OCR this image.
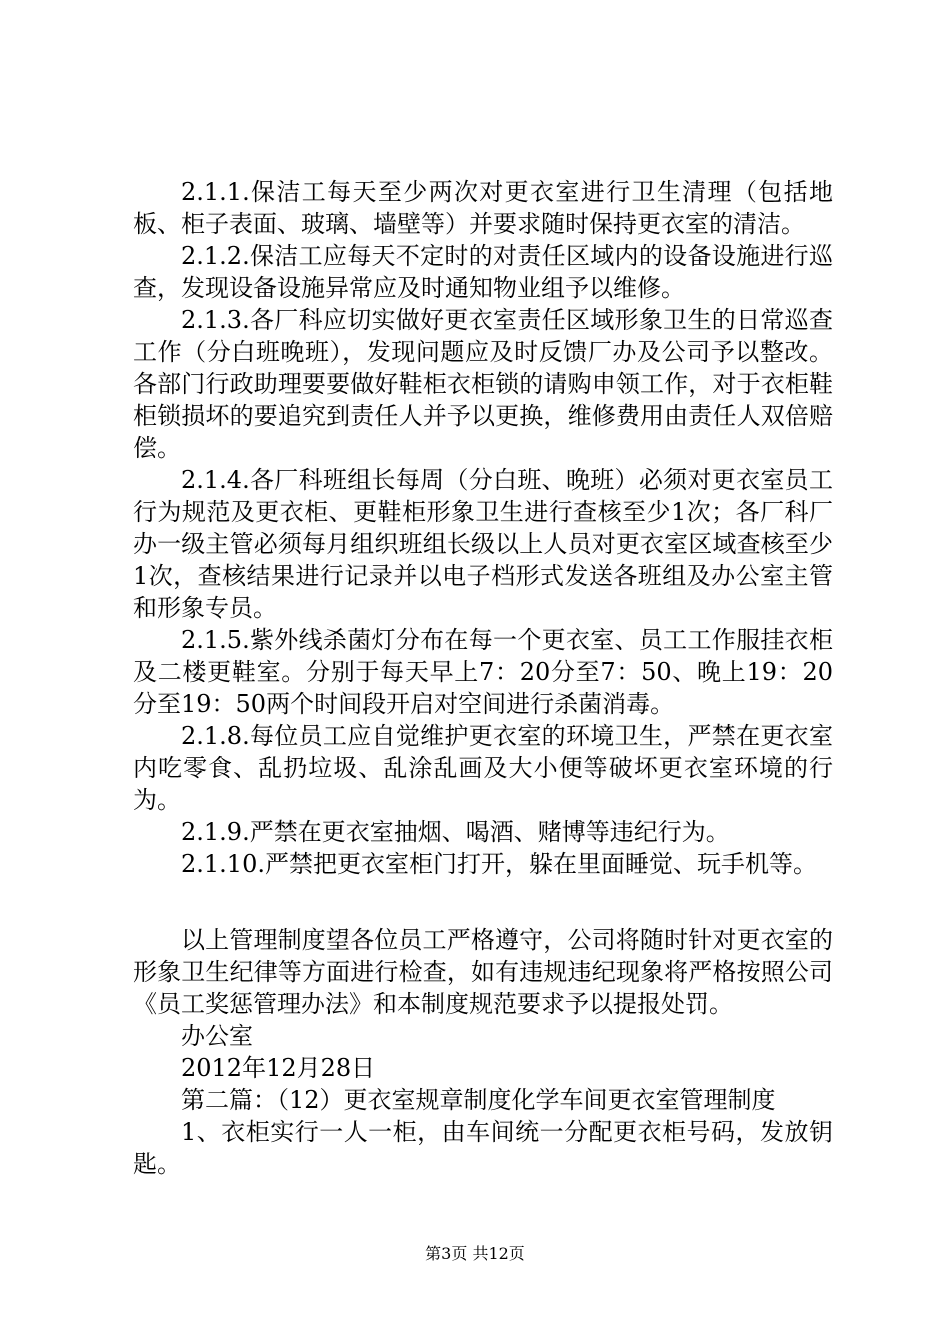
2.1.1.保洁工每天至少两次对更衣室进行卫生清理（包括地板、柜子表面、玻璃、墙壁等）并要求随时保持更衣室的清洁。

2.1.2.保洁工应每天不定时的对责任区域内的设备设施进行巡查，发现设备设施异常应及时通知物业组予以维修。

2.1.3.各厂科应切实做好更衣室责任区域形象卫生的日常巡查工作（分白班晚班），发现问题应及时反馈厂办及公司予以整改。各部门行政助理要要做好鞋柜衣柜锁的请购申领工作，对于衣柜鞋柜锁损坏的要追究到责任人并予以更换，维修费用由责任人双倍赔偿。

2.1.4.各厂科班组长每周（分白班、晚班）必须对更衣室员工行为规范及更衣柜、更鞋柜形象卫生进行查核至少1次；各厂科厂办一级主管必须每月组织班组长级以上人员对更衣室区域查核至少1次，查核结果进行记录并以电子档形式发送各班组及办公室主管和形象专员。

2.1.5.紫外线杀菌灯分布在每一个更衣室、员工工作服挂衣柜及二楼更鞋室。分别于每天早上7：20分至7：50、晚上19：20分至19：50两个时间段开启对空间进行杀菌消毒。

2.1.8.每位员工应自觉维护更衣室的环境卫生，严禁在更衣室内吃零食、乱扔垃圾、乱涂乱画及大小便等破坏更衣室环境的行为。

2.1.9.严禁在更衣室抽烟、喝酒、赌博等违纪行为。

2.1.10.严禁把更衣室柜门打开，躲在里面睡觉、玩手机等。

以上管理制度望各位员工严格遵守，公司将随时针对更衣室的形象卫生纪律等方面进行检查，如有违规违纪现象将严格按照公司《员工奖惩管理办法》和本制度规范要求予以提报处罚。

办公室

2012年12月28日

第二篇：（12）更衣室规章制度化学车间更衣室管理制度

1、衣柜实行一人一柜，由车间统一分配更衣柜号码，发放钥匙。

第3页 共12页
